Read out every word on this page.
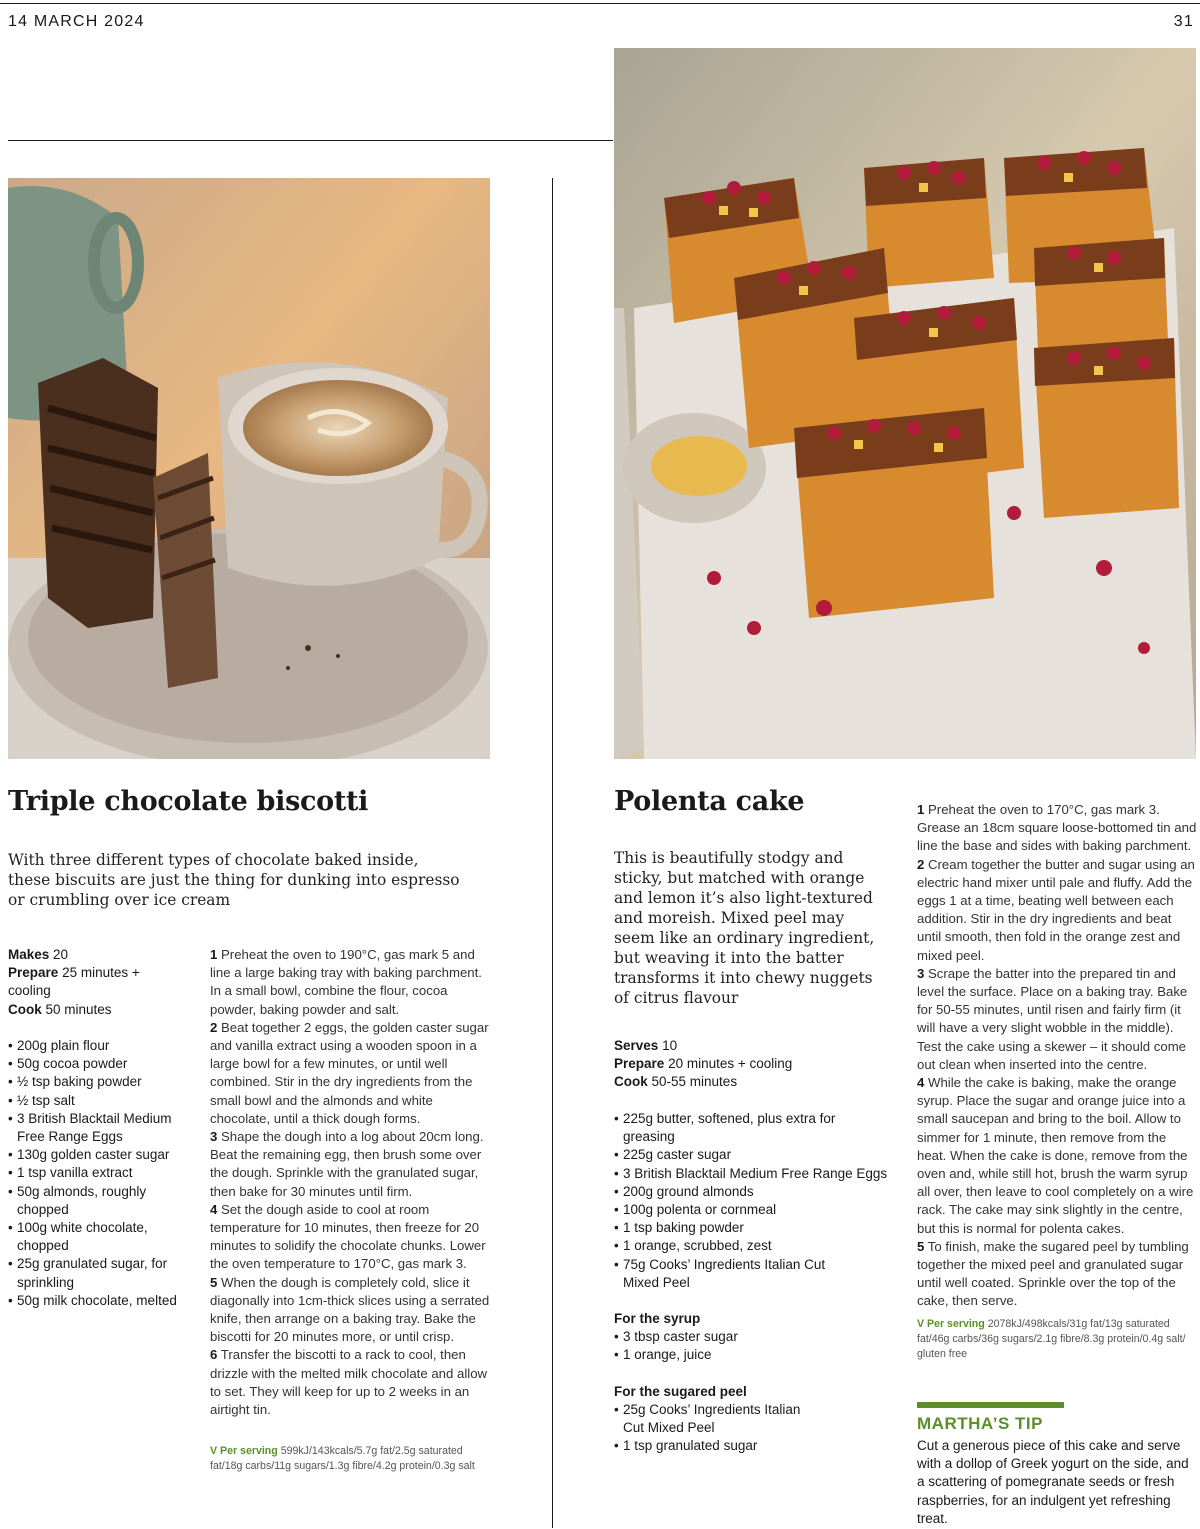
14 MARCH 2024	31
Triple chocolate biscotti

With three different types of chocolate baked inside, these biscuits are just the thing for dunking into espresso or crumbling over ice cream

Makes 20
Prepare 25 minutes + cooling
Cook 50 minutes
• 200g plain flour
• 50g cocoa powder
• ½ tsp baking powder
• ½ tsp salt
• 3 British Blacktail Medium Free Range Eggs
• 130g golden caster sugar
• 1 tsp vanilla extract
• 50g almonds, roughly chopped
• 100g white chocolate, chopped
• 25g granulated sugar, for sprinkling
• 50g milk chocolate, melted

1 Preheat the oven to 190°C, gas mark 5 and line a large baking tray with baking parchment. In a small bowl, combine the flour, cocoa powder, baking powder and salt.

2 Beat together 2 eggs, the golden caster sugar and vanilla extract using a wooden spoon in a large bowl for a few minutes, or until well combined. Stir in the dry ingredients from the small bowl and the almonds and white chocolate, until a thick dough forms.

3 Shape the dough into a log about 20cm long. Beat the remaining egg, then brush some over the dough. Sprinkle with the granulated sugar, then bake for 30 minutes until firm.

4 Set the dough aside to cool at room temperature for 10 minutes, then freeze for 20 minutes to solidify the chocolate chunks. Lower the oven temperature to 170°C, gas mark 3.

5 When the dough is completely cold, slice it diagonally into 1cm-thick slices using a serrated knife, then arrange on a baking tray. Bake the biscotti for 20 minutes more, or until crisp.

6 Transfer the biscotti to a rack to cool, then drizzle with the melted milk chocolate and allow to set. They will keep for up to 2 weeks in an airtight tin.

V Per serving 599kJ/143kcals/5.7g fat/2.5g saturated fat/18g carbs/11g sugars/1.3g fibre/4.2g protein/0.3g salt
Polenta cake

This is beautifully stodgy and sticky, but matched with orange and lemon it’s also light-textured and moreish. Mixed peel may seem like an ordinary ingredient, but weaving it into the batter transforms it into chewy nuggets of citrus flavour

Serves 10
Prepare 20 minutes + cooling
Cook 50-55 minutes
• 225g butter, softened, plus extra for greasing
• 225g caster sugar
• 3 British Blacktail Medium Free Range Eggs
• 200g ground almonds
• 100g polenta or cornmeal
• 1 tsp baking powder
• 1 orange, scrubbed, zest
• 75g Cooks’ Ingredients Italian Cut Mixed Peel
For the syrup
• 3 tbsp caster sugar
• 1 orange, juice
For the sugared peel
• 25g Cooks’ Ingredients Italian Cut Mixed Peel
• 1 tsp granulated sugar

1 Preheat the oven to 170°C, gas mark 3. Grease an 18cm square loose-bottomed tin and line the base and sides with baking parchment.

2 Cream together the butter and sugar using an electric hand mixer until pale and fluffy. Add the eggs 1 at a time, beating well between each addition. Stir in the dry ingredients and beat until smooth, then fold in the orange zest and mixed peel.

3 Scrape the batter into the prepared tin and level the surface. Place on a baking tray. Bake for 50-55 minutes, until risen and fairly firm (it will have a very slight wobble in the middle). Test the cake using a skewer – it should come out clean when inserted into the centre.

4 While the cake is baking, make the orange syrup. Place the sugar and orange juice into a small saucepan and bring to the boil. Allow to simmer for 1 minute, then remove from the heat. When the cake is done, remove from the oven and, while still hot, brush the warm syrup all over, then leave to cool completely on a wire rack. The cake may sink slightly in the centre, but this is normal for polenta cakes.

5 To finish, make the sugared peel by tumbling together the mixed peel and granulated sugar until well coated. Sprinkle over the top of the cake, then serve.

V Per serving 2078kJ/498kcals/31g fat/13g saturated fat/46g carbs/36g sugars/2.1g fibre/8.3g protein/0.4g salt/ gluten free
MARTHA’S TIP
Cut a generous piece of this cake and serve with a dollop of Greek yogurt on the side, and a scattering of pomegranate seeds or fresh raspberries, for an indulgent yet refreshing treat.
